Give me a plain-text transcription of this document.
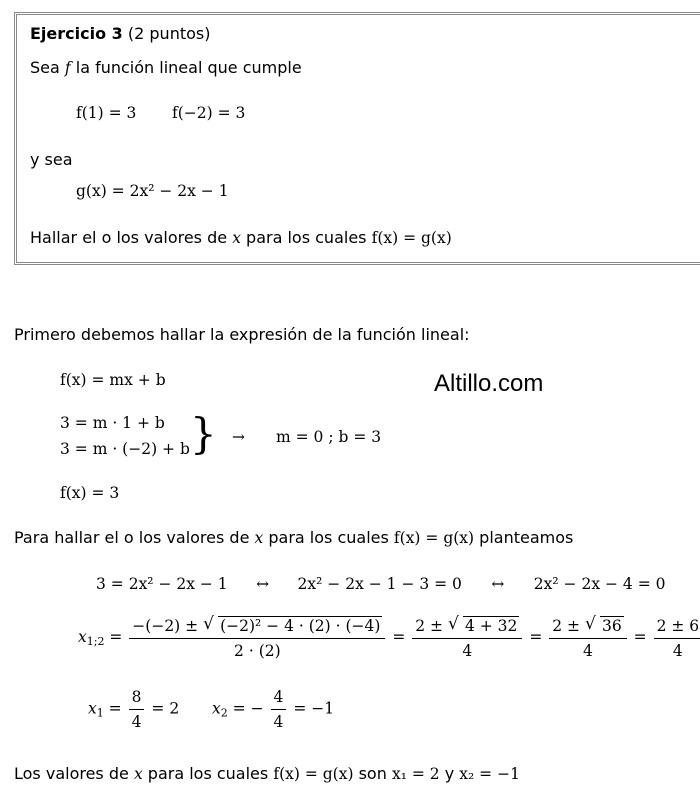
Ejercicio 3 (2 puntos)
Sea f la función lineal que cumple
f(1) = 3 f(−2) = 3
y sea
g(x) = 2x² − 2x − 1
Hallar el o los valores de x para los cuales f(x) = g(x)
Primero debemos hallar la expresión de la función lineal:
f(x) = mx + b	Altillo.com
3 = m · 1 + b
3 = m · (−2) + b } → m = 0 ; b = 3
f(x) = 3
Para hallar el o los valores de x para los cuales f(x) = g(x) planteamos
3 = 2x² − 2x − 1 ↔ 2x² − 2x − 1 − 3 = 0 ↔ 2x² − 2x − 4 = 0
$x_{1;2} = \frac{\text{−(−2) ± √ (−2)² − 4 · (2) · (−4)}}{2 \cdot (2)} = \frac{2 \pm √ 4 + 32}{4} = \frac{2 \pm √ 36}{4} = \frac{2 \pm 6}{4}$
$x_1 = \frac{8}{4} = 2$ $x_2$ = − $\frac{4}{4} = -1$
Los valores de x para los cuales f(x) = g(x) son x₁ = 2 y x₂ = −1
